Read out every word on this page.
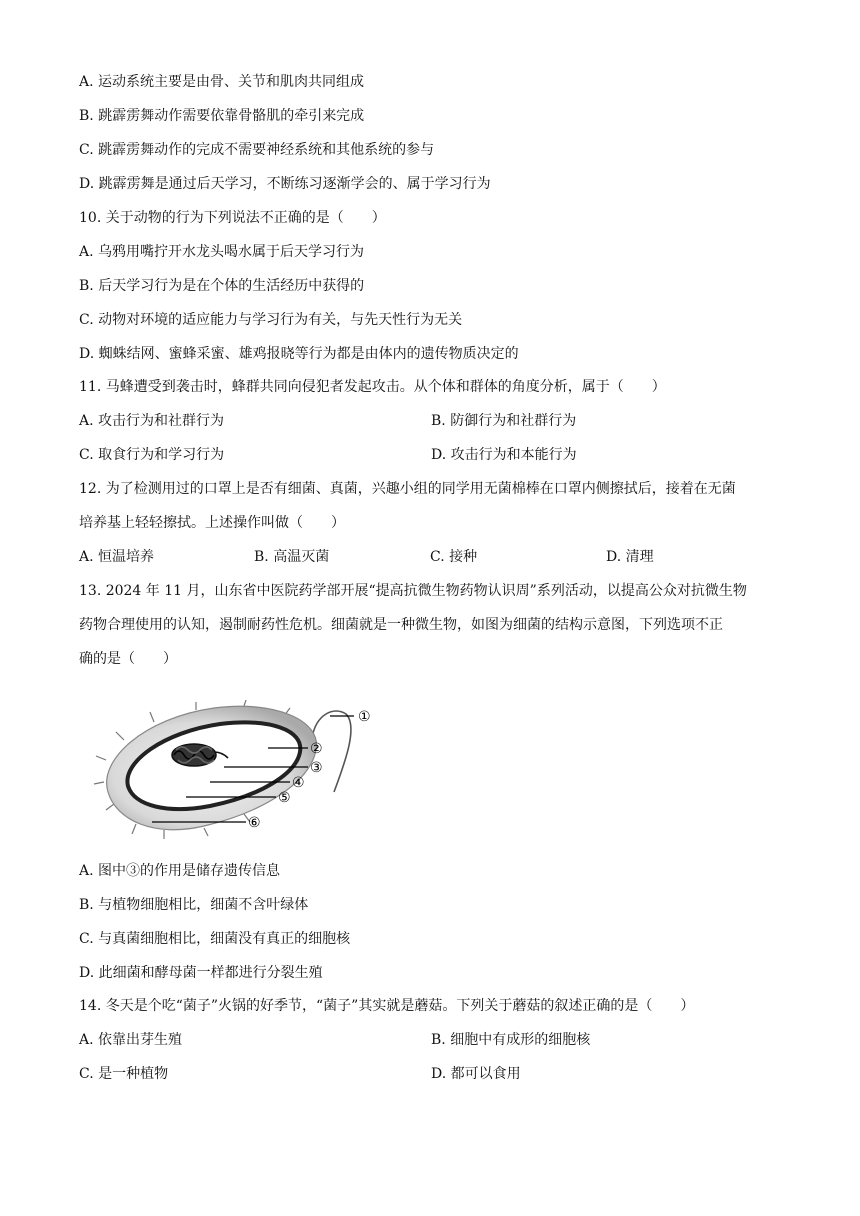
A. 运动系统主要是由骨、关节和肌肉共同组成
B. 跳霹雳舞动作需要依靠骨骼肌的牵引来完成
C. 跳霹雳舞动作的完成不需要神经系统和其他系统的参与
D. 跳霹雳舞是通过后天学习，不断练习逐渐学会的、属于学习行为
10. 关于动物的行为下列说法不正确的是（　　）
A. 乌鸦用嘴拧开水龙头喝水属于后天学习行为
B. 后天学习行为是在个体的生活经历中获得的
C. 动物对环境的适应能力与学习行为有关，与先天性行为无关
D. 蜘蛛结网、蜜蜂采蜜、雄鸡报晓等行为都是由体内的遗传物质决定的
11. 马蜂遭受到袭击时，蜂群共同向侵犯者发起攻击。从个体和群体的角度分析，属于（　　）
A. 攻击行为和社群行为	B. 防御行为和社群行为
C. 取食行为和学习行为	D. 攻击行为和本能行为
12. 为了检测用过的口罩上是否有细菌、真菌，兴趣小组的同学用无菌棉棒在口罩内侧擦拭后，接着在无菌
培养基上轻轻擦拭。上述操作叫做（　　）
A. 恒温培养	B. 高温灭菌	C. 接种	D. 清理
13. 2024 年 11 月，山东省中医院药学部开展“提高抗微生物药物认识周”系列活动，以提高公众对抗微生物
药物合理使用的认知，遏制耐药性危机。细菌就是一种微生物，如图为细菌的结构示意图，下列选项不正
确的是（　　）
①
②
③
④
⑤
⑥
A. 图中③的作用是储存遗传信息
B. 与植物细胞相比，细菌不含叶绿体
C. 与真菌细胞相比，细菌没有真正的细胞核
D. 此细菌和酵母菌一样都进行分裂生殖
14. 冬天是个吃“菌子”火锅的好季节，“菌子”其实就是蘑菇。下列关于蘑菇的叙述正确的是（　　）
A. 依靠出芽生殖	B. 细胞中有成形的细胞核
C. 是一种植物	D. 都可以食用
